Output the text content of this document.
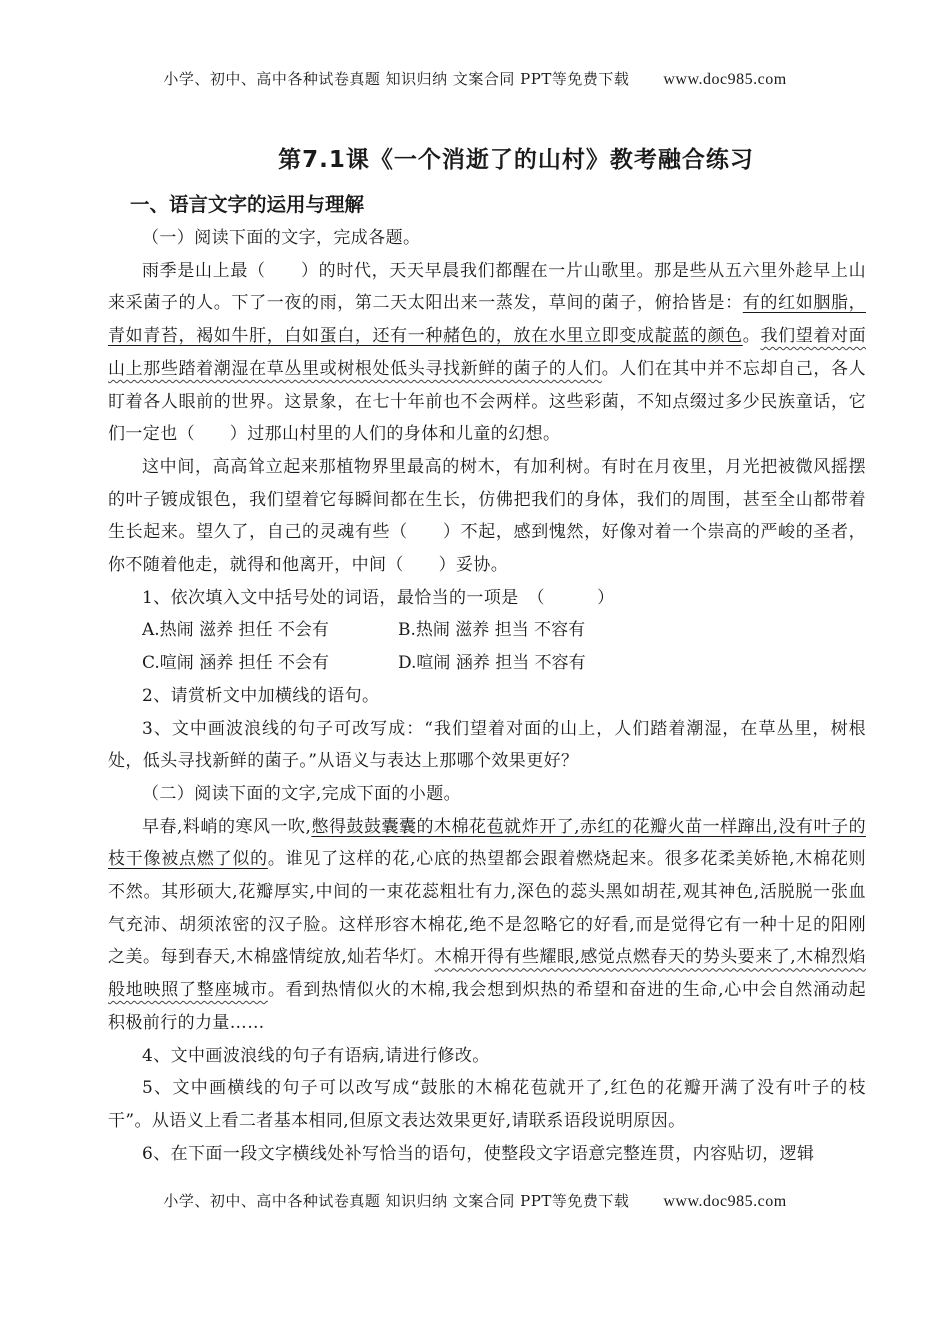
小学、初中、高中各种试卷真题 知识归纳 文案合同 PPT等免费下载 www.doc985.com
第7.1课《一个消逝了的山村》教考融合练习
一、语言文字的运用与理解

（一）阅读下面的文字，完成各题。

雨季是山上最（　　）的时代，天天早晨我们都醒在一片山歌里。那是些从五六里外趁早上山来采菌子的人。下了一夜的雨，第二天太阳出来一蒸发，草间的菌子，俯拾皆是：有的红如胭脂，青如青苔，褐如牛肝，白如蛋白，还有一种赭色的，放在水里立即变成靛蓝的颜色。我们望着对面山上那些踏着潮湿在草丛里或树根处低头寻找新鲜的菌子的人们。人们在其中并不忘却自己，各人盯着各人眼前的世界。这景象，在七十年前也不会两样。这些彩菌，不知点缀过多少民族童话，它们一定也（　　）过那山村里的人们的身体和儿童的幻想。

这中间，高高耸立起来那植物界里最高的树木，有加利树。有时在月夜里，月光把被微风摇摆的叶子镀成银色，我们望着它每瞬间都在生长，仿佛把我们的身体，我们的周围，甚至全山都带着生长起来。望久了，自己的灵魂有些（　　）不起，感到愧然，好像对着一个崇高的严峻的圣者，你不随着他走，就得和他离开，中间（　　）妥协。

1、依次填入文中括号处的词语，最恰当的一项是　（　　　）

A.热闹 滋养 担任 不会有	B.热闹 滋养 担当 不容有
C.喧闹 涵养 担任 不会有	D.喧闹 涵养 担当 不容有

2、请赏析文中加横线的语句。

3、文中画波浪线的句子可改写成：“我们望着对面的山上，人们踏着潮湿，在草丛里，树根处，低头寻找新鲜的菌子。”从语义与表达上那哪个效果更好？

（二）阅读下面的文字,完成下面的小题。

早春,料峭的寒风一吹,憋得鼓鼓囊囊的木棉花苞就炸开了,赤红的花瓣火苗一样蹿出,没有叶子的枝干像被点燃了似的。谁见了这样的花,心底的热望都会跟着燃烧起来。很多花柔美娇艳,木棉花则不然。其形硕大,花瓣厚实,中间的一束花蕊粗壮有力,深色的蕊头黑如胡茬,观其神色,活脱脱一张血气充沛、胡须浓密的汉子脸。这样形容木棉花,绝不是忽略它的好看,而是觉得它有一种十足的阳刚之美。每到春天,木棉盛情绽放,灿若华灯。木棉开得有些耀眼,感觉点燃春天的势头要来了,木棉烈焰般地映照了整座城市。看到热情似火的木棉,我会想到炽热的希望和奋进的生命,心中会自然涌动起积极前行的力量……

4、文中画波浪线的句子有语病,请进行修改。

5、文中画横线的句子可以改写成“鼓胀的木棉花苞就开了,红色的花瓣开满了没有叶子的枝干”。从语义上看二者基本相同,但原文表达效果更好,请联系语段说明原因。

6、在下面一段文字横线处补写恰当的语句，使整段文字语意完整连贯，内容贴切，逻辑

小学、初中、高中各种试卷真题 知识归纳 文案合同 PPT等免费下载 www.doc985.com
